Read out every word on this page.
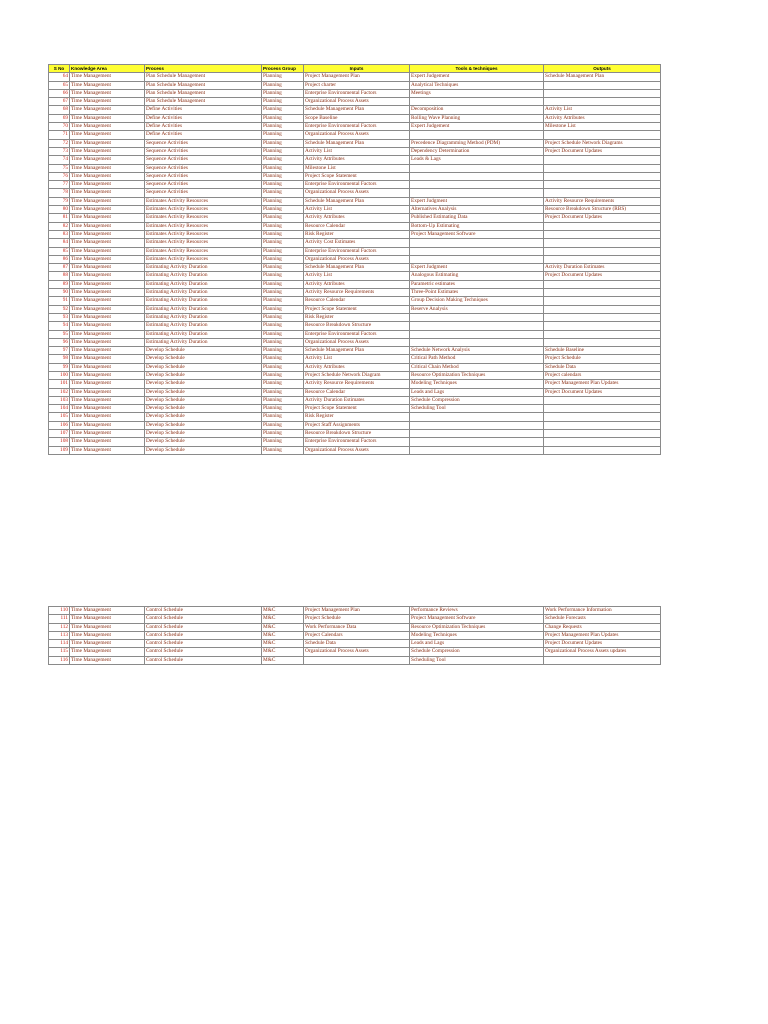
S No	Knowledge Area	Process	Process Group	Inputs	Tools & techniques	Outputs
64	Time Management	Plan Schedule Management	Planning	Project Management Plan	Expert Judgement	Schedule Management Plan
65	Time Management	Plan Schedule Management	Planning	Project charter	Analytical Techniques	
66	Time Management	Plan Schedule Management	Planning	Enterprise Environmental Factors	Meetings	
67	Time Management	Plan Schedule Management	Planning	Organizational Process Assets		
68	Time Management	Define Activities	Planning	Schedule Management Plan	Decomposition	Activity List
69	Time Management	Define Activities	Planning	Scope Baseline	Rolling Wave Planning	Activity Attributes
70	Time Management	Define Activities	Planning	Enterprise Environmental Factors	Expert Judgement	Milestone List
71	Time Management	Define Activities	Planning	Organizational Process Assets		
72	Time Management	Sequence Activities	Planning	Schedule Management Plan	Precedence Diagramming Method (PDM)	Project Schedule Network Diagrams
73	Time Management	Sequence Activities	Planning	Activity List	Dependency Determination	Project Document Updates
74	Time Management	Sequence Activities	Planning	Activity Attributes	Leads & Lags	
75	Time Management	Sequence Activities	Planning	Milestone List		
76	Time Management	Sequence Activities	Planning	Project Scope Statement		
77	Time Management	Sequence Activities	Planning	Enterprise Environmental Factors		
78	Time Management	Sequence Activities	Planning	Organizational Process Assets		
79	Time Management	Estimates Activity Resources	Planning	Schedule Management Plan	Expert Judgment	Activity Resource Requirements
80	Time Management	Estimates Activity Resources	Planning	Activity List	Alternatives Analysis	Resource Breakdown Structure (RBS)
81	Time Management	Estimates Activity Resources	Planning	Activity Attributes	Published Estimating Data	Project Document Updates
82	Time Management	Estimates Activity Resources	Planning	Resource Calendar	Bottom-Up Estimating	
83	Time Management	Estimates Activity Resources	Planning	Risk Register	Project Management Software	
84	Time Management	Estimates Activity Resources	Planning	Activity Cost Estimates		
85	Time Management	Estimates Activity Resources	Planning	Enterprise Environmental Factors		
86	Time Management	Estimates Activity Resources	Planning	Organizational Process Assets		
87	Time Management	Estimating Activity Duration	Planning	Schedule Management Plan	Expert Judgment	Activity Duration Estimates
88	Time Management	Estimating Activity Duration	Planning	Activity List	Analogous Estimating	Project Document Updates
89	Time Management	Estimating Activity Duration	Planning	Activity Attributes	Parametric estimates	
90	Time Management	Estimating Activity Duration	Planning	Activity Resource Requirements	Three-Point Estimates	
91	Time Management	Estimating Activity Duration	Planning	Resource Calendar	Group Decision Making Techniques	
92	Time Management	Estimating Activity Duration	Planning	Project Scope Statement	Reserve Analysis	
93	Time Management	Estimating Activity Duration	Planning	Risk Register		
94	Time Management	Estimating Activity Duration	Planning	Resource Breakdown Structure		
95	Time Management	Estimating Activity Duration	Planning	Enterprise Environmental Factors		
96	Time Management	Estimating Activity Duration	Planning	Organizational Process Assets		
97	Time Management	Develop Schedule	Planning	Schedule Management Plan	Schedule Network Analysis	Schedule Baseline
98	Time Management	Develop Schedule	Planning	Activity List	Critical Path Method	Project Schedule
99	Time Management	Develop Schedule	Planning	Activity Attributes	Critical Chain Method	Schedule Data
100	Time Management	Develop Schedule	Planning	Project Schedule Network Diagram	Resource Optimization Techniques	Project calendars
101	Time Management	Develop Schedule	Planning	Activity Resource Requirements	Modeling Techniques	Project Management Plan Updates
102	Time Management	Develop Schedule	Planning	Resource Calendar	Leads and Lags	Project Document Updates
103	Time Management	Develop Schedule	Planning	Activity Duration Estimates	Schedule Compression	
104	Time Management	Develop Schedule	Planning	Project Scope Statement	Scheduling Tool	
105	Time Management	Develop Schedule	Planning	Risk Register		
106	Time Management	Develop Schedule	Planning	Project Staff Assignments		
107	Time Management	Develop Schedule	Planning	Resource Breakdown Structure		
108	Time Management	Develop Schedule	Planning	Enterprise Environmental Factors		
109	Time Management	Develop Schedule	Planning	Organizational Process Assets		
110	Time Management	Control Schedule	M&C	Project Management Plan	Performance Reviews	Work Performance Information
111	Time Management	Control Schedule	M&C	Project Schedule	Project Management Software	Schedule Forecasts
112	Time Management	Control Schedule	M&C	Work Performance Data	Resource Optimization Techniques	Change Requests
113	Time Management	Control Schedule	M&C	Project Calendars	Modeling Techniques	Project Management Plan Updates
114	Time Management	Control Schedule	M&C	Schedule Data	Leads and Lags	Project Document Updates
115	Time Management	Control Schedule	M&C	Organizational Process Assets	Schedule Compression	Organizational Process Assets updates
116	Time Management	Control Schedule	M&C		Scheduling Tool	
